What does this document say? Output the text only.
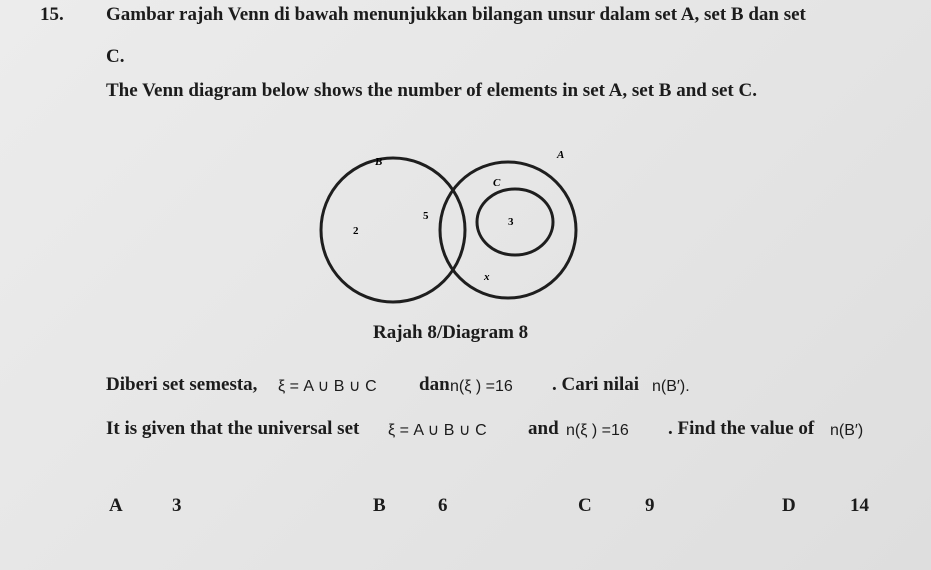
15. Gambar rajah Venn di bawah menunjukkan bilangan unsur dalam set A, set B dan set
C.
The Venn diagram below shows the number of elements in set A, set B and set C.
B
A
C
2
5	3
x
Rajah 8/Diagram 8
Diberi set semesta, ξ = A ∪ B ∪ C dan n(ξ ) =16 . Cari nilai n(B′).
It is given that the universal set ξ = A ∪ B ∪ C and n(ξ ) =16 . Find the value of n(B′)
A	3	B	6	C	9	D	14
